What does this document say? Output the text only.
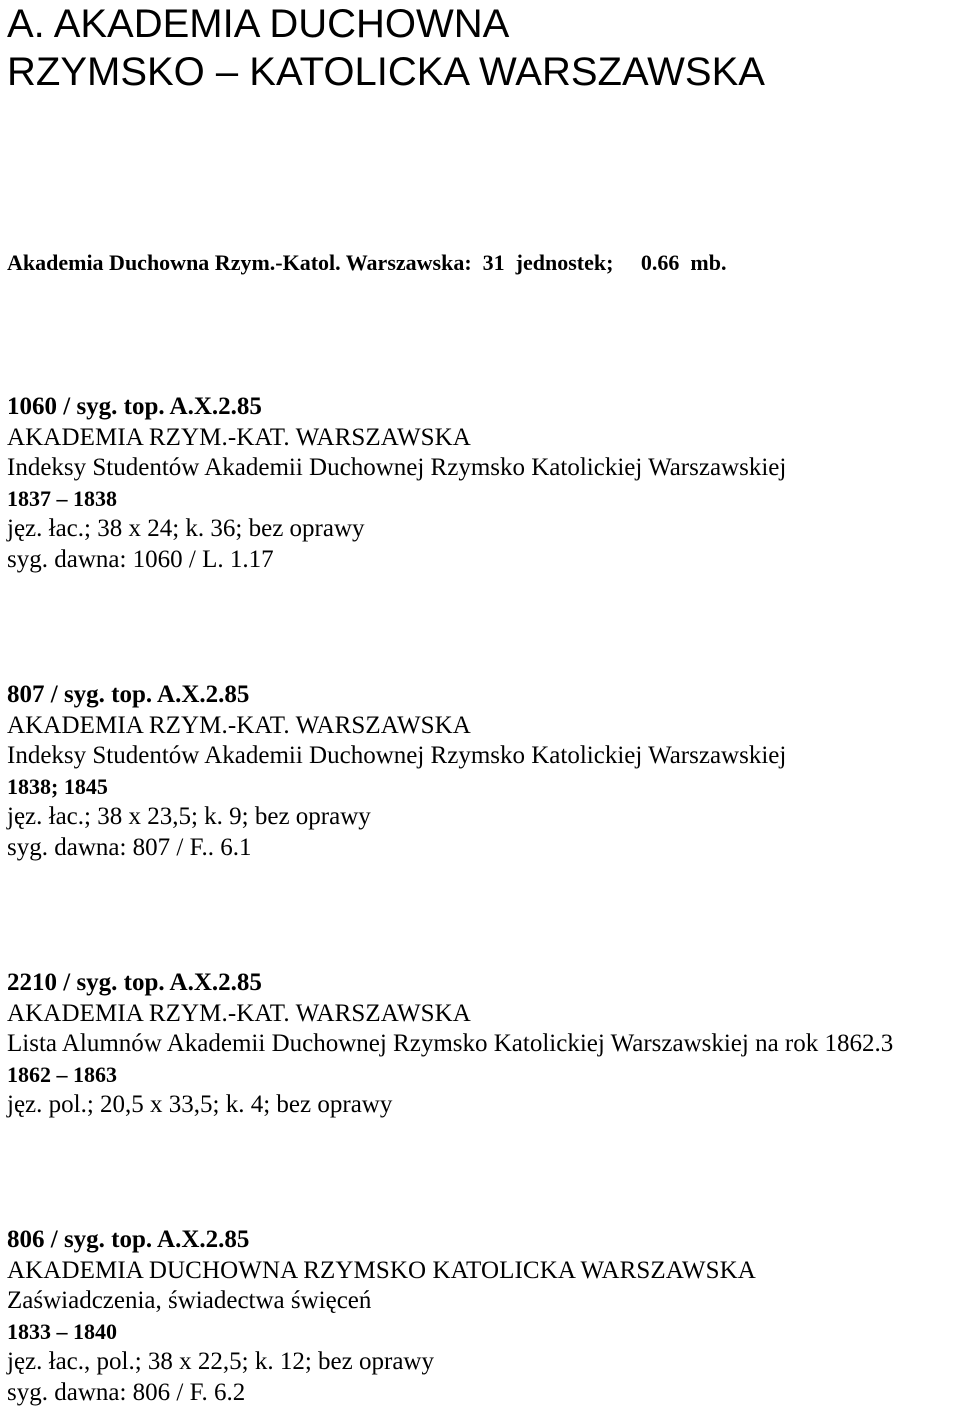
A. AKADEMIA DUCHOWNA
RZYMSKO – KATOLICKA WARSZAWSKA
Akademia Duchowna Rzym.-Katol. Warszawska:  31  jednostek;     0.66  mb.
1060 / syg. top. A.X.2.85
AKADEMIA RZYM.-KAT. WARSZAWSKA
Indeksy Studentów Akademii Duchownej Rzymsko Katolickiej Warszawskiej
1837 – 1838
jęz. łac.; 38 x 24; k. 36; bez oprawy
syg. dawna: 1060 / L. 1.17
807 / syg. top. A.X.2.85
AKADEMIA RZYM.-KAT. WARSZAWSKA
Indeksy Studentów Akademii Duchownej Rzymsko Katolickiej Warszawskiej
1838; 1845
jęz. łac.; 38 x 23,5; k. 9; bez oprawy
syg. dawna: 807 / F.. 6.1
2210 / syg. top. A.X.2.85
AKADEMIA RZYM.-KAT. WARSZAWSKA
Lista Alumnów Akademii Duchownej Rzymsko Katolickiej Warszawskiej na rok 1862.3
1862 – 1863
jęz. pol.; 20,5 x 33,5; k. 4; bez oprawy
806 / syg. top. A.X.2.85
AKADEMIA DUCHOWNA RZYMSKO KATOLICKA WARSZAWSKA
Zaświadczenia, świadectwa święceń
1833 – 1840
jęz. łac., pol.; 38 x 22,5; k. 12; bez oprawy
syg. dawna: 806 / F. 6.2
